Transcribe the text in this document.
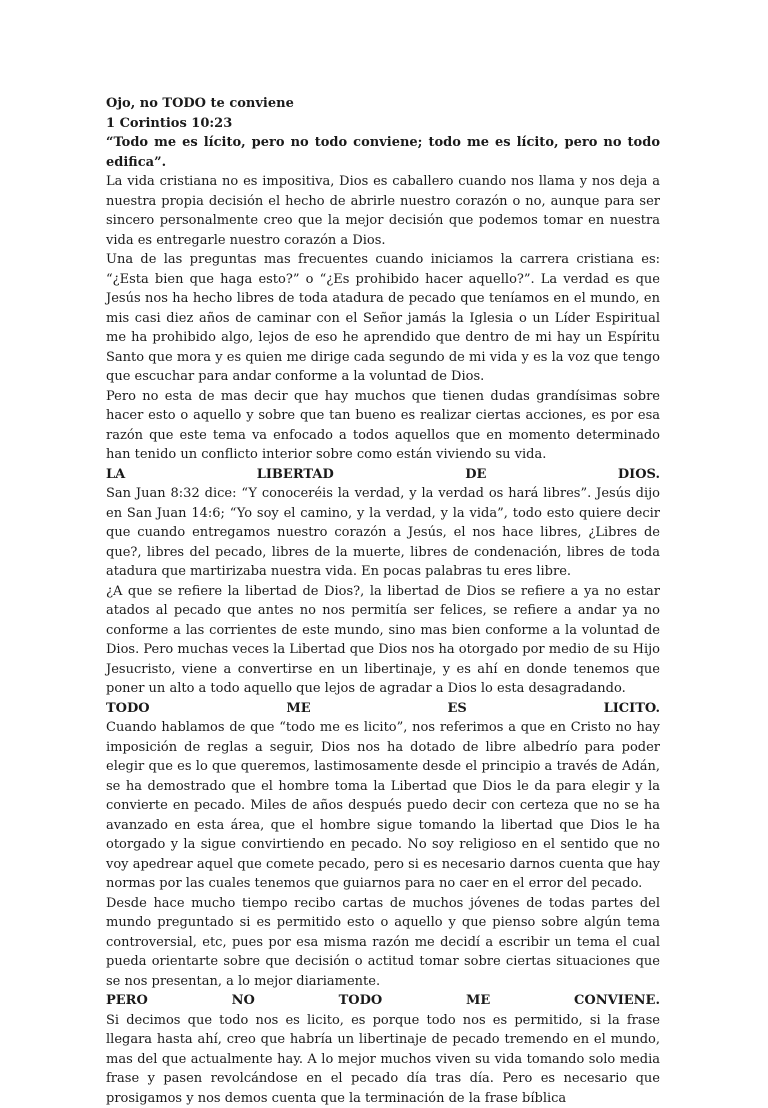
Ojo, no TODO te conviene

1 Corintios 10:23

“Todo me es lícito, pero no todo conviene; todo me es lícito, pero no todo edifica”.

La vida cristiana no es impositiva, Dios es caballero cuando nos llama y nos deja a nuestra propia decisión el hecho de abrirle nuestro corazón o no, aunque para ser sincero personalmente creo que la mejor decisión que podemos tomar en nuestra vida es entregarle nuestro corazón a Dios.

Una de las preguntas mas frecuentes cuando iniciamos la carrera cristiana es: “¿Esta bien que haga esto?” o “¿Es prohibido hacer aquello?”. La verdad es que Jesús nos ha hecho libres de toda atadura de pecado que teníamos en el mundo, en mis casi diez años de caminar con el Señor jamás la Iglesia o un Líder Espiritual me ha prohibido algo, lejos de eso he aprendido que dentro de mi hay un Espíritu Santo que mora y es quien me dirige cada segundo de mi vida y es la voz que tengo que escuchar para andar conforme a la voluntad de Dios.

Pero no esta de mas decir que hay muchos que tienen dudas grandísimas sobre hacer esto o aquello y sobre que tan bueno es realizar ciertas acciones, es por esa razón que este tema va enfocado a todos aquellos que en momento determinado han tenido un conflicto interior sobre como están viviendo su vida.

LA LIBERTAD DE DIOS.

San Juan 8:32 dice: “Y conoceréis la verdad, y la verdad os hará libres”. Jesús dijo en San Juan 14:6; “Yo soy el camino, y la verdad, y la vida”, todo esto quiere decir que cuando entregamos nuestro corazón a Jesús, el nos hace libres, ¿Libres de que?, libres del pecado, libres de la muerte, libres de condenación, libres de toda atadura que martirizaba nuestra vida. En pocas palabras tu eres libre.

¿A que se refiere la libertad de Dios?, la libertad de Dios se refiere a ya no estar atados al pecado que antes no nos permitía ser felices, se refiere a andar ya no conforme a las corrientes de este mundo, sino mas bien conforme a la voluntad de Dios. Pero muchas veces la Libertad que Dios nos ha otorgado por medio de su Hijo Jesucristo, viene a convertirse en un libertinaje, y es ahí en donde tenemos que poner un alto a todo aquello que lejos de agradar a Dios lo esta desagradando.

TODO ME ES LICITO.

Cuando hablamos de que “todo me es licito”, nos referimos a que en Cristo no hay imposición de reglas a seguir, Dios nos ha dotado de libre albedrío para poder elegir que es lo que queremos, lastimosamente desde el principio a través de Adán, se ha demostrado que el hombre toma la Libertad que Dios le da para elegir y la convierte en pecado. Miles de años después puedo decir con certeza que no se ha avanzado en esta área, que el hombre sigue tomando la libertad que Dios le ha otorgado y la sigue convirtiendo en pecado. No soy religioso en el sentido que no voy apedrear aquel que comete pecado, pero si es necesario darnos cuenta que hay normas por las cuales tenemos que guiarnos para no caer en el error del pecado.

Desde hace mucho tiempo recibo cartas de muchos jóvenes de todas partes del mundo preguntado si es permitido esto o aquello y que pienso sobre algún tema controversial, etc, pues por esa misma razón me decidí a escribir un tema el cual pueda orientarte sobre que decisión o actitud tomar sobre ciertas situaciones que se nos presentan, a lo mejor diariamente.

PERO NO TODO ME CONVIENE.

Si decimos que todo nos es licito, es porque todo nos es permitido, si la frase llegara hasta ahí, creo que habría un libertinaje de pecado tremendo en el mundo, mas del que actualmente hay. A lo mejor muchos viven su vida tomando solo media frase y pasen revolcándose en el pecado día tras día. Pero es necesario que prosigamos y nos demos cuenta que la terminación de la frase bíblica
